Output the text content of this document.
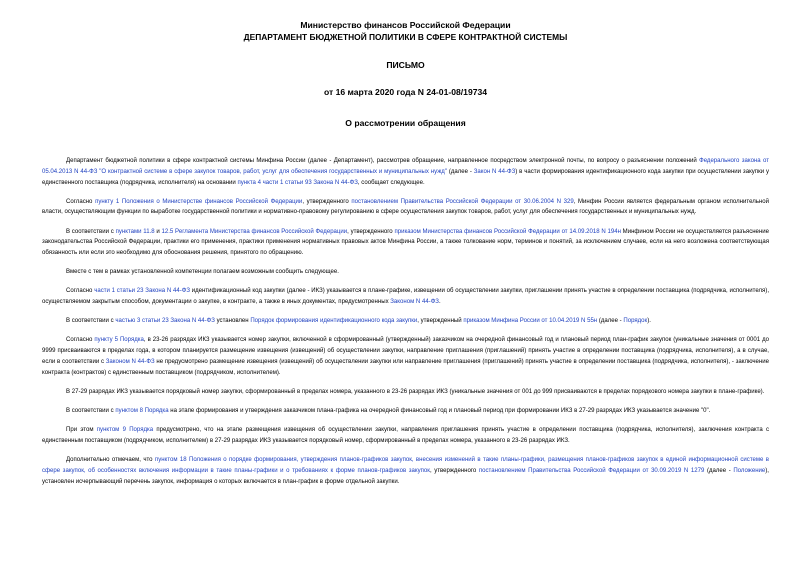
Министерство финансов Российской Федерации
ДЕПАРТАМЕНТ БЮДЖЕТНОЙ ПОЛИТИКИ В СФЕРЕ КОНТРАКТНОЙ СИСТЕМЫ
ПИСЬМО
от 16 марта 2020 года N 24-01-08/19734
О рассмотрении обращения

Департамент бюджетной политики в сфере контрактной системы Минфина России (далее - Департамент), рассмотрев обращение, направленное посредством электронной почты, по вопросу о разъяснении положений Федерального закона от 05.04.2013 N 44-ФЗ "О контрактной системе в сфере закупок товаров, работ, услуг для обеспечения государственных и муниципальных нужд" (далее - Закон N 44-ФЗ) в части формирования идентификационного кода закупки при осуществлении закупки у единственного поставщика (подрядчика, исполнителя) на основании пункта 4 части 1 статьи 93 Закона N 44-ФЗ, сообщает следующее.

Согласно пункту 1 Положения о Министерстве финансов Российской Федерации, утвержденного постановлением Правительства Российской Федерации от 30.06.2004 N 329, Минфин России является федеральным органом исполнительной власти, осуществляющим функции по выработке государственной политики и нормативно-правовому регулированию в сфере осуществления закупок товаров, работ, услуг для обеспечения государственных и муниципальных нужд.

В соответствии с пунктами 11.8 и 12.5 Регламента Министерства финансов Российской Федерации, утвержденного приказом Министерства финансов Российской Федерации от 14.09.2018 N 194н Минфином России не осуществляется разъяснение законодательства Российской Федерации, практики его применения, практики применения нормативных правовых актов Минфина России, а также толкование норм, терминов и понятий, за исключением случаев, если на него возложена соответствующая обязанность или если это необходимо для обоснования решения, принятого по обращению.

Вместе с тем в рамках установленной компетенции полагаем возможным сообщить следующее.

Согласно части 1 статьи 23 Закона N 44-ФЗ идентификационный код закупки (далее - ИКЗ) указывается в плане-графике, извещении об осуществлении закупки, приглашении принять участие в определении поставщика (подрядчика, исполнителя), осуществляемом закрытым способом, документации о закупке, в контракте, а также в иных документах, предусмотренных Законом N 44-ФЗ.

В соответствии с частью 3 статьи 23 Закона N 44-ФЗ установлен Порядок формирования идентификационного кода закупки, утвержденный приказом Минфина России от 10.04.2019 N 55н (далее - Порядок).

Согласно пункту 5 Порядка, в 23-26 разрядах ИКЗ указывается номер закупки, включенной в сформированный (утвержденный) заказчиком на очередной финансовый год и плановый период план-график закупок (уникальные значения от 0001 до 9999 присваиваются в пределах года, в котором планируется размещение извещения (извещений) об осуществлении закупки, направление приглашения (приглашений) принять участие в определении поставщика (подрядчика, исполнителя), а в случае, если в соответствии с Законом N 44-ФЗ не предусмотрено размещение извещения (извещений) об осуществлении закупки или направление приглашения (приглашений) принять участие в определении поставщика (подрядчика, исполнителя), - заключение контракта (контрактов) с единственным поставщиком (подрядчиком, исполнителем).

В 27-29 разрядах ИКЗ указывается порядковый номер закупки, сформированный в пределах номера, указанного в 23-26 разрядах ИКЗ (уникальные значения от 001 до 999 присваиваются в пределах порядкового номера закупки в плане-графике).

В соответствии с пунктом 8 Порядка на этапе формирования и утверждения заказчиком плана-графика на очередной финансовый год и плановый период при формировании ИКЗ в 27-29 разрядах ИКЗ указывается значение "0".

При этом пунктом 9 Порядка предусмотрено, что на этапе размещения извещения об осуществлении закупки, направления приглашения принять участие в определении поставщика (подрядчика, исполнителя), заключения контракта с единственным поставщиком (подрядчиком, исполнителем) в 27-29 разрядах ИКЗ указывается порядковый номер, сформированный в пределах номера, указанного в 23-26 разрядах ИКЗ.

Дополнительно отмечаем, что пунктом 18 Положения о порядке формирования, утверждения планов-графиков закупок, внесения изменений в такие планы-графики, размещения планов-графиков закупок в единой информационной системе в сфере закупок, об особенностях включения информации в такие планы-графики и о требованиях к форме планов-графиков закупок, утвержденного постановлением Правительства Российской Федерации от 30.09.2019 N 1279 (далее - Положение), установлен исчерпывающий перечень закупок, информация о которых включается в план-график в форме отдельной закупки.
